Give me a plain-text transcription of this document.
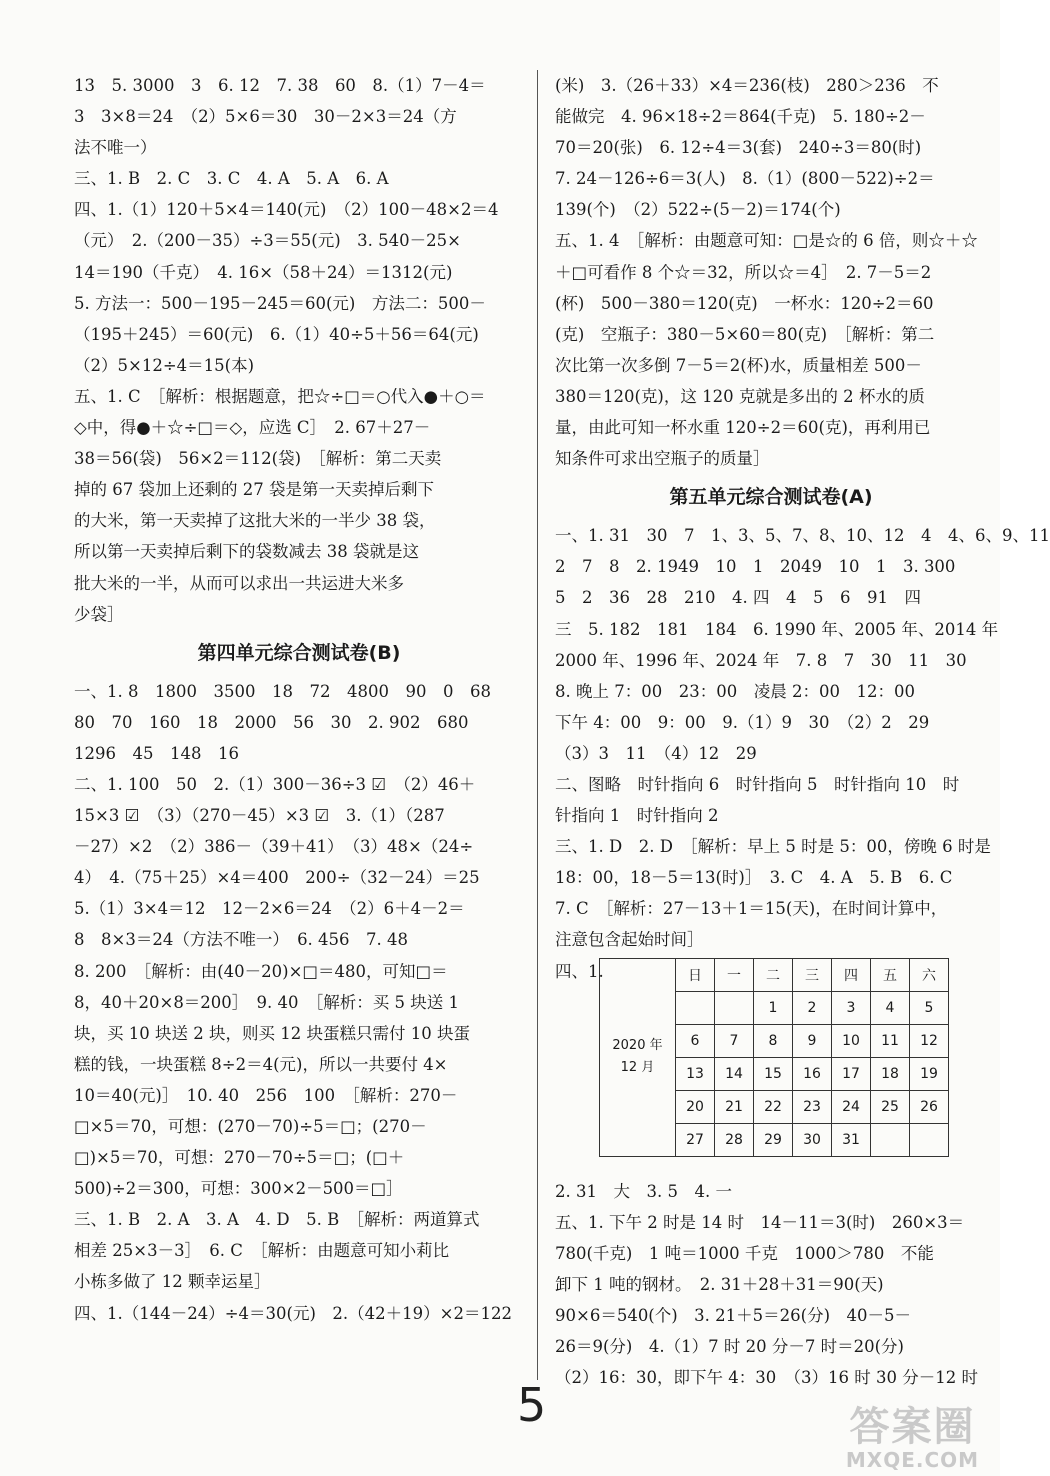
13　5. 3000　3　6. 12　7. 38　60　8.（1）7－4＝
3　3×8＝24　（2）5×6＝30　30－2×3＝24（方
法不唯一）
三、1. B　2. C　3. C　4. A　5. A　6. A
四、1.（1）120＋5×4＝140(元)　（2）100－48×2＝4
（元）　2.（200－35）÷3＝55(元)　3. 540－25×
14＝190（千克）　4. 16×（58＋24）＝1312(元)
5. 方法一：500－195－245＝60(元)　方法二：500－
（195＋245）＝60(元)　6.（1）40÷5＋56＝64(元)
（2）5×12÷4＝15(本)
五、1. C　［解析：根据题意，把☆÷□＝○代入●＋○＝
◇中，得●＋☆÷□＝◇，应选 C］　2. 67＋27－
38＝56(袋)　56×2＝112(袋)　［解析：第二天卖
掉的 67 袋加上还剩的 27 袋是第一天卖掉后剩下
的大米，第一天卖掉了这批大米的一半少 38 袋，
所以第一天卖掉后剩下的袋数减去 38 袋就是这
批大米的一半，从而可以求出一共运进大米多
少袋］
第四单元综合测试卷(B)
一、1. 8　1800　3500　18　72　4800　90　0　68
80　70　160　18　2000　56　30　2. 902　680
1296　45　148　16
二、1. 100　50　2.（1）300－36÷3 ☑　（2）46＋
15×3 ☑　（3）（270－45）×3 ☑　3.（1）（287
－27）×2　（2）386－（39＋41）　（3）48×（24÷
4）　4.（75＋25）×4＝400　200÷（32－24）＝25
5.（1）3×4＝12　12－2×6＝24　（2）6＋4－2＝
8　8×3＝24（方法不唯一）　6. 456　7. 48
8. 200　［解析：由(40－20)×□＝480，可知□＝
8，40＋20×8＝200］　9. 40　［解析：买 5 块送 1
块，买 10 块送 2 块，则买 12 块蛋糕只需付 10 块蛋
糕的钱，一块蛋糕 8÷2＝4(元)，所以一共要付 4×
10＝40(元)］　10. 40　256　100　［解析：270－
□×5＝70，可想：(270－70)÷5＝□；(270－
□)×5＝70，可想：270－70÷5＝□；(□＋
500)÷2＝300，可想：300×2－500＝□］
三、1. B　2. A　3. A　4. D　5. B　［解析：两道算式
相差 25×3－3］　6. C　［解析：由题意可知小莉比
小栋多做了 12 颗幸运星］
四、1.（144－24）÷4＝30(元)　2.（42＋19）×2＝122
(米)　3.（26＋33）×4＝236(枝)　280＞236　不
能做完　4. 96×18÷2＝864(千克)　5. 180÷2－
70＝20(张)　6. 12÷4＝3(套)　240÷3＝80(时)
7. 24－126÷6＝3(人)　8.（1）(800－522)÷2＝
139(个)　（2）522÷(5－2)＝174(个)
五、1. 4　［解析：由题意可知：□是☆的 6 倍，则☆＋☆
＋□可看作 8 个☆＝32，所以☆＝4］　2. 7－5＝2
(杯)　500－380＝120(克)　一杯水：120÷2＝60
(克)　空瓶子：380－5×60＝80(克)　［解析：第二
次比第一次多倒 7－5＝2(杯)水，质量相差 500－
380＝120(克)，这 120 克就是多出的 2 杯水的质
量，由此可知一杯水重 120÷2＝60(克)，再利用已
知条件可求出空瓶子的质量］
第五单元综合测试卷(A)
一、1. 31　30　7　1、3、5、7、8、10、12　4　4、6、9、11
2　7　8　2. 1949　10　1　2049　10　1　3. 300
5　2　36　28　210　4. 四　4　5　6　91　四
三　5. 182　181　184　6. 1990 年、2005 年、2014 年
2000 年、1996 年、2024 年　7. 8　7　30　11　30
8. 晚上 7：00　23：00　凌晨 2：00　12：00
下午 4：00　9：00　9.（1）9　30　（2）2　29
（3）3　11　（4）12　29
二、图略　时针指向 6　时针指向 5　时针指向 10　时
针指向 1　时针指向 2
三、1. D　2. D　［解析：早上 5 时是 5：00，傍晚 6 时是
18：00，18－5＝13(时)］　3. C　4. A　5. B　6. C
7. C　［解析：27－13＋1＝15(天)，在时间计算中，
注意包含起始时间］
四、1.
2020 年
12 月	日	一	二	三	四	五	六
			1	2	3	4	5
	6	7	8	9	10	11	12
	13	14	15	16	17	18	19
	20	21	22	23	24	25	26
	27	28	29	30	31		
2. 31　大　3. 5　4. 一
五、1. 下午 2 时是 14 时　14－11＝3(时)　260×3＝
780(千克)　1 吨＝1000 千克　1000＞780　不能
卸下 1 吨的钢材。　2. 31＋28＋31＝90(天)
90×6＝540(个)　3. 21＋5＝26(分)　40－5－
26＝9(分)　4.（1）7 时 20 分－7 时＝20(分)
（2）16：30，即下午 4：30　（3）16 时 30 分－12 时
5	答案圈
MXQE.COM
